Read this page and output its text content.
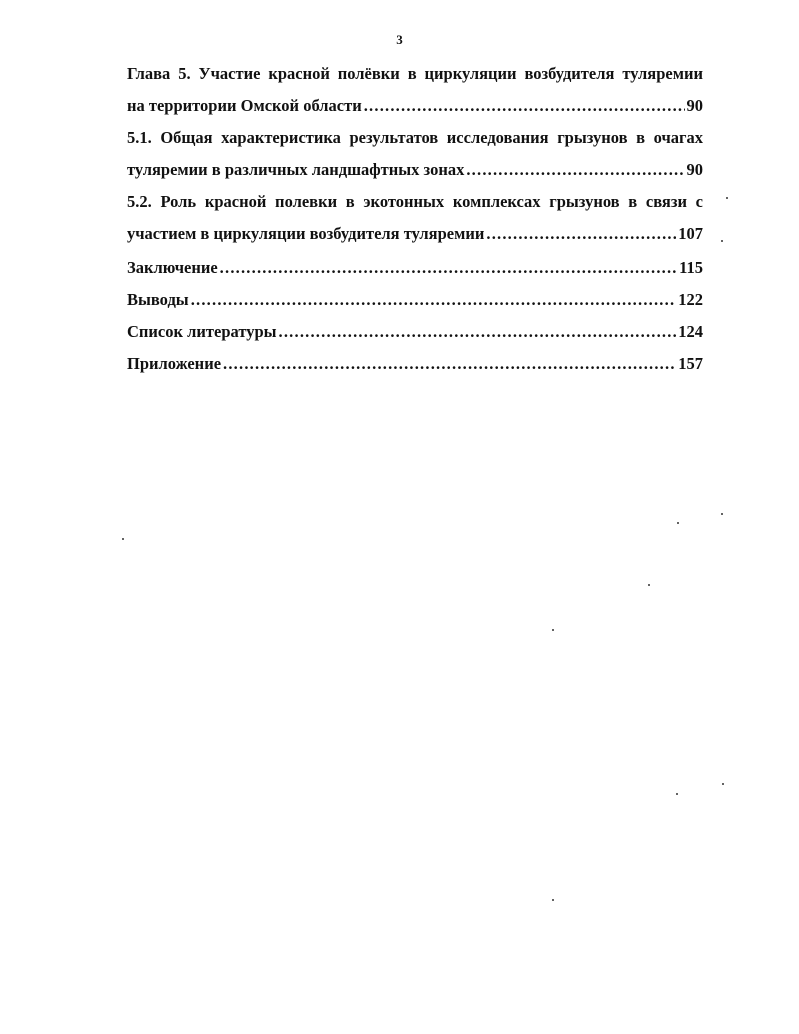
3
Глава 5. Участие красной полёвки в циркуляции возбудителя туляремии
на территории Омской области .....	90
5.1. Общая характеристика результатов исследования грызунов в очагах
туляремии в различных ландшафтных зонах .....	90
5.2. Роль красной полевки в экотонных комплексах грызунов в связи с
участием в циркуляции возбудителя туляремии .....	107
Заключение .....	115
Выводы .....	122
Список литературы .....	124
Приложение .....	157
